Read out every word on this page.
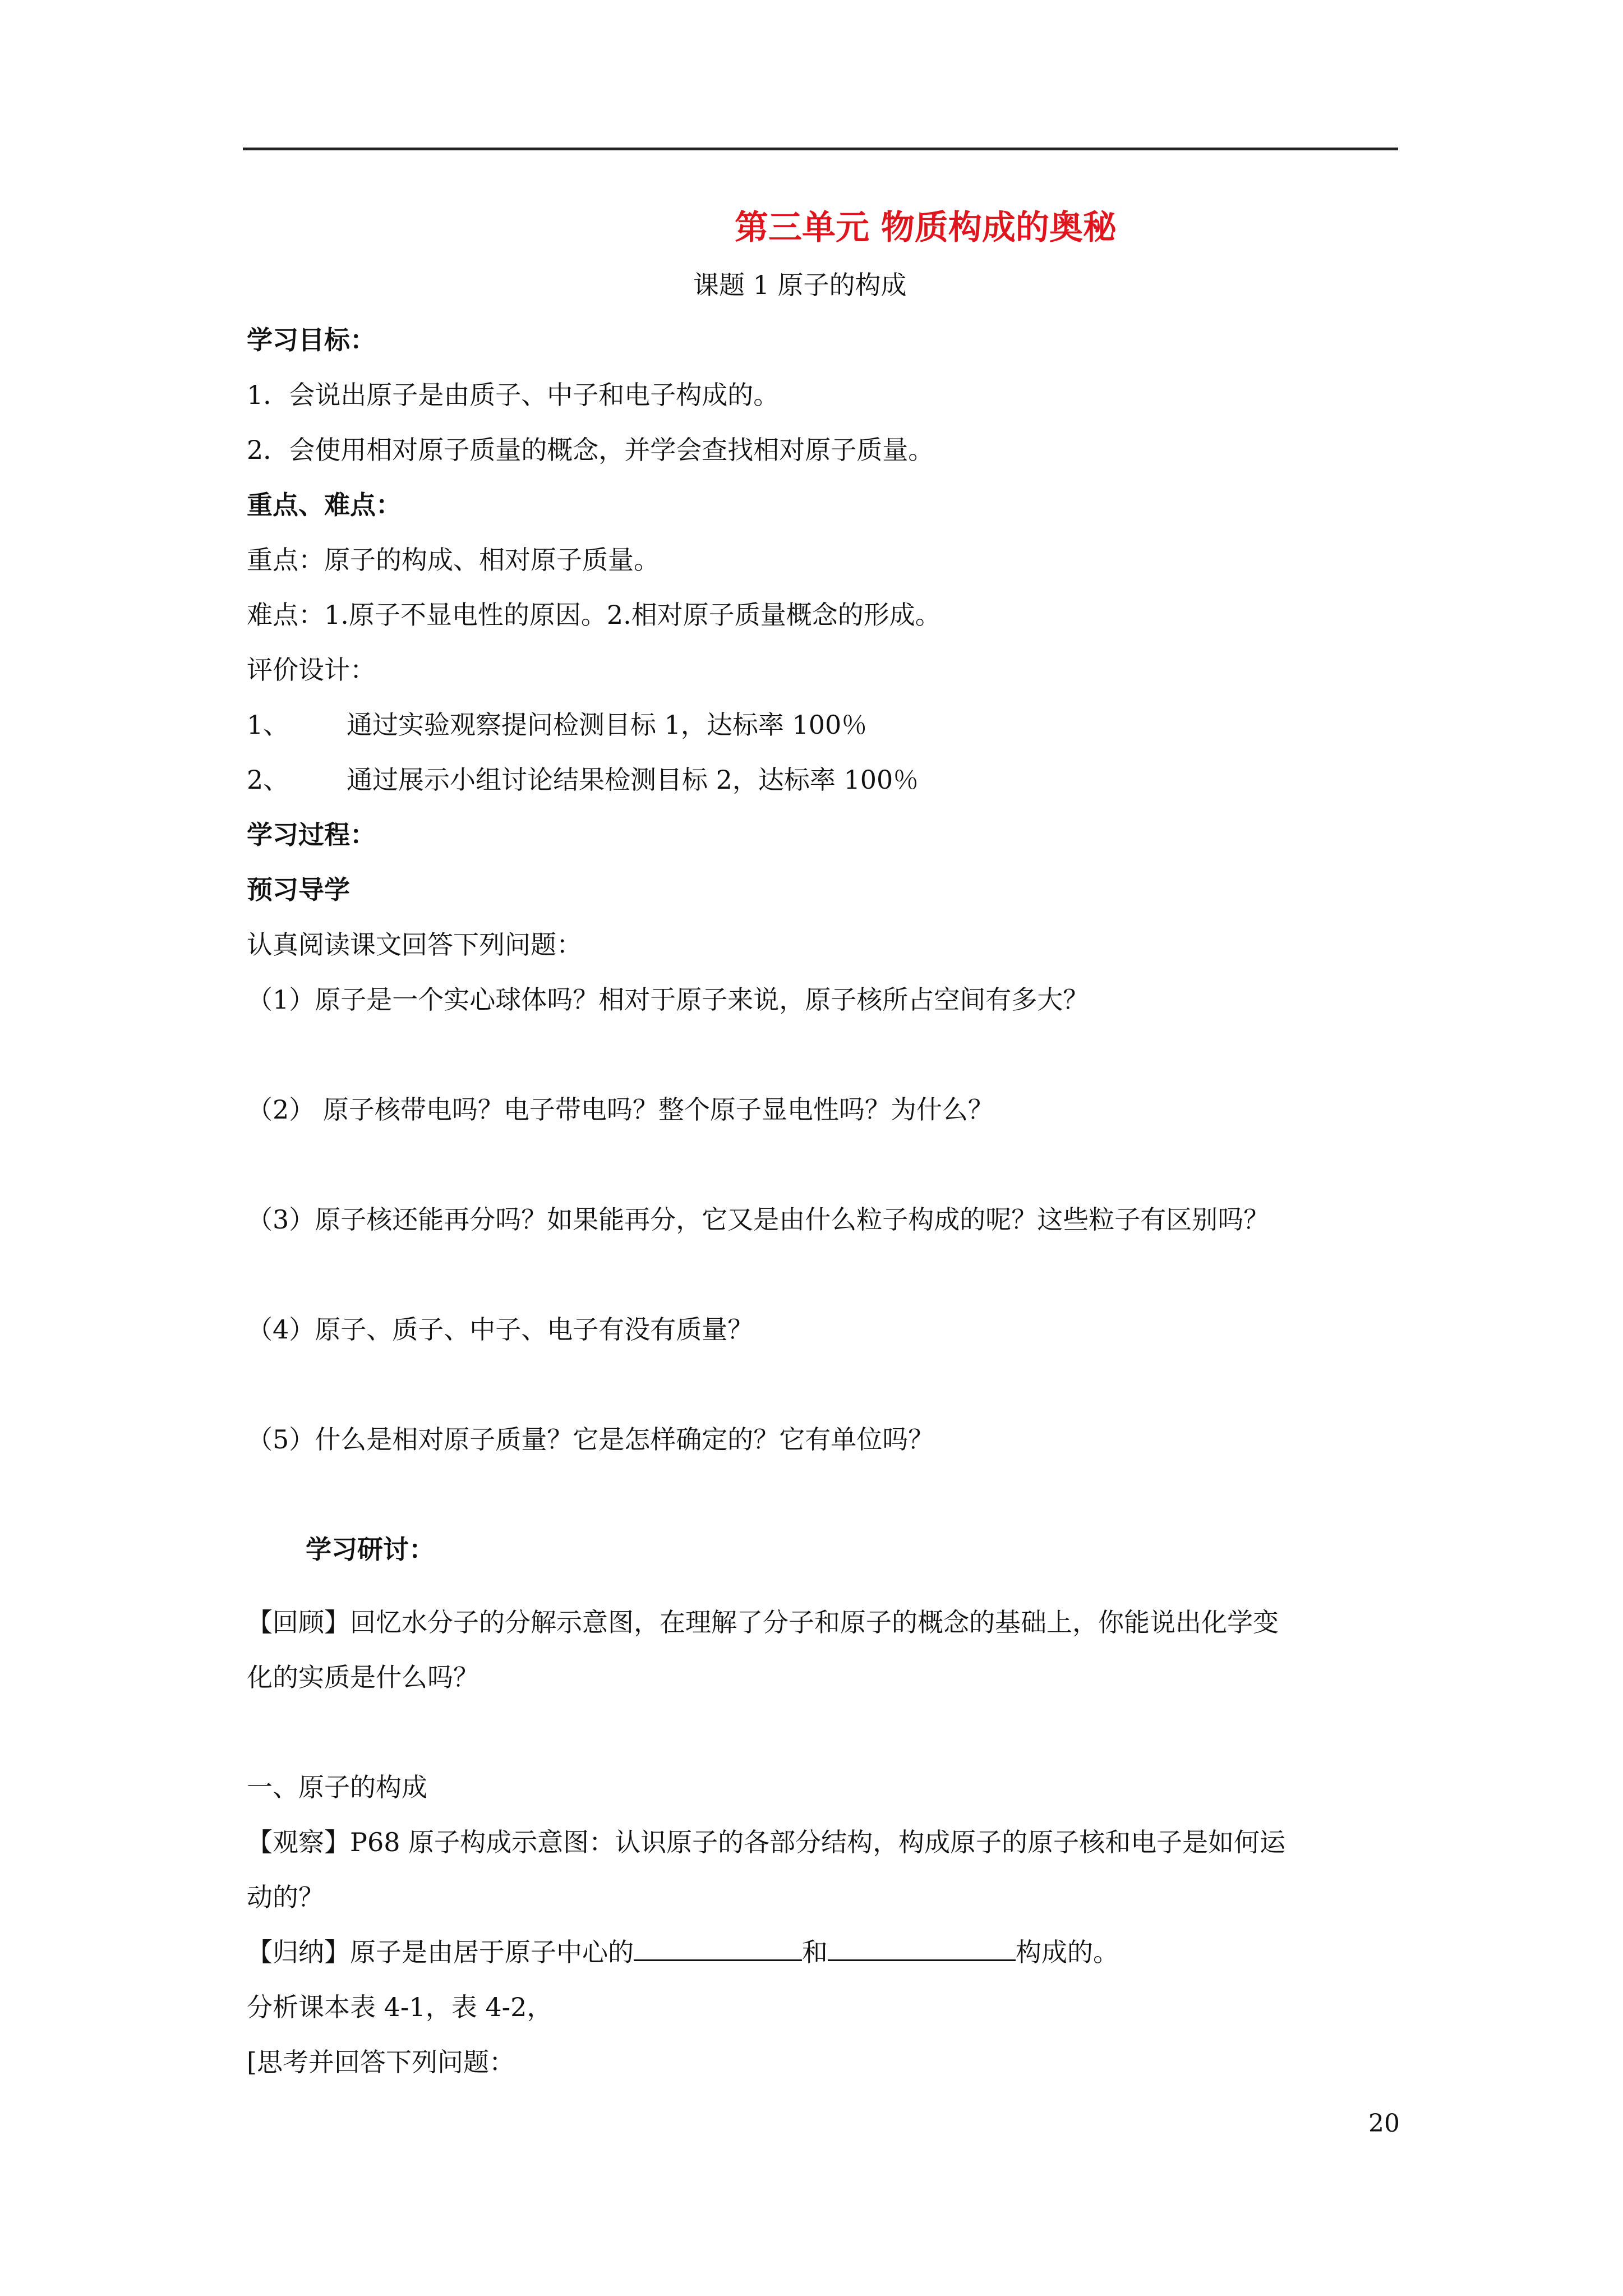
第三单元 物质构成的奥秘
课题 1 原子的构成
学习目标：
1．会说出原子是由质子、中子和电子构成的。
2．会使用相对原子质量的概念，并学会查找相对原子质量。
重点、难点：
重点：原子的构成、相对原子质量。
难点：1.原子不显电性的原因。2.相对原子质量概念的形成。
评价设计：
1、 通过实验观察提问检测目标 1，达标率 100％
2、 通过展示小组讨论结果检测目标 2，达标率 100％
学习过程：
预习导学
认真阅读课文回答下列问题：
（1）原子是一个实心球体吗？相对于原子来说，原子核所占空间有多大？
（2） 原子核带电吗？电子带电吗？整个原子显电性吗？为什么？
（3）原子核还能再分吗？如果能再分，它又是由什么粒子构成的呢？这些粒子有区别吗？
（4）原子、质子、中子、电子有没有质量？
（5）什么是相对原子质量？它是怎样确定的？它有单位吗？
学习研讨：
【回顾】回忆水分子的分解示意图，在理解了分子和原子的概念的基础上，你能说出化学变
化的实质是什么吗？
一、原子的构成
【观察】P68 原子构成示意图：认识原子的各部分结构，构成原子的原子核和电子是如何运
动的？
【归纳】原子是由居于原子中心的	和	构成的。
分析课本表 4-1，表 4-2，
[思考并回答下列问题：
20
